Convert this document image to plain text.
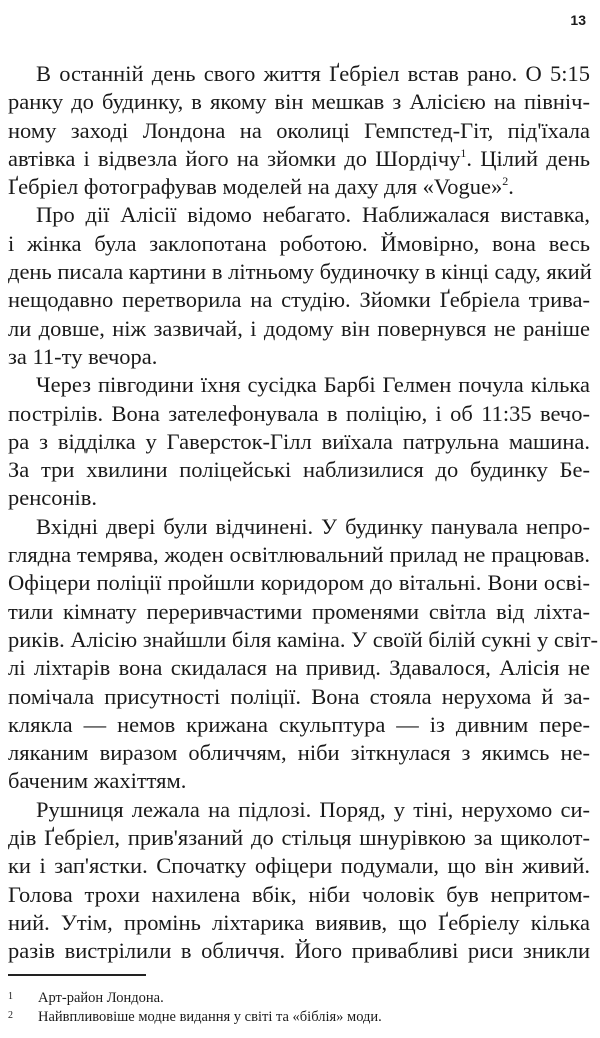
13
В останній день свого життя Ґебріел встав рано. О 5:15
ранку до будинку, в якому він мешкав з Алісією на північ-
ному заході Лондона на околиці Гемпстед-Гіт, під'їхала
автівка і відвезла його на зйомки до Шордічу$^1$. Цілий день
Ґебріел фотографував моделей на даху для «Vogue»$^2$.
Про дії Алісії відомо небагато. Наближалася виставка,
і жінка була заклопотана роботою. Ймовірно, вона весь
день писала картини в літньому будиночку в кінці саду, який
нещодавно перетворила на студію. Зйомки Ґебріела трива-
ли довше, ніж зазвичай, і додому він повернувся не раніше
за 11-ту вечора.
Через півгодини їхня сусідка Барбі Гелмен почула кілька
пострілів. Вона зателефонувала в поліцію, і об 11:35 вечо-
ра з відділка у Гаверсток-Гілл виїхала патрульна машина.
За три хвилини поліцейські наблизилися до будинку Бе-
ренсонів.
Вхідні двері були відчинені. У будинку панувала непро-
глядна темрява, жоден освітлювальний прилад не працював.
Офіцери поліції пройшли коридором до вітальні. Вони осві-
тили кімнату переривчастими променями світла від ліхта-
риків. Алісію знайшли біля каміна. У своїй білій сукні у світ-
лі ліхтарів вона скидалася на привид. Здавалося, Алісія не
помічала присутності поліції. Вона стояла нерухома й за-
клякла — немов крижана скульптура — із дивним пере-
ляканим виразом обличчям, ніби зіткнулася з якимсь не-
баченим жахіттям.
Рушниця лежала на підлозі. Поряд, у тіні, нерухомо си-
дів Ґебріел, прив'язаний до стільця шнурівкою за щиколот-
ки і зап'ястки. Спочатку офіцери подумали, що він живий.
Голова трохи нахилена вбік, ніби чоловік був непритом-
ний. Утім, промінь ліхтарика виявив, що Ґебріелу кілька
разів вистрілили в обличчя. Його привабливі риси зникли
1 Арт-район Лондона.
2 Найвпливовіше модне видання у світі та «біблія» моди.
